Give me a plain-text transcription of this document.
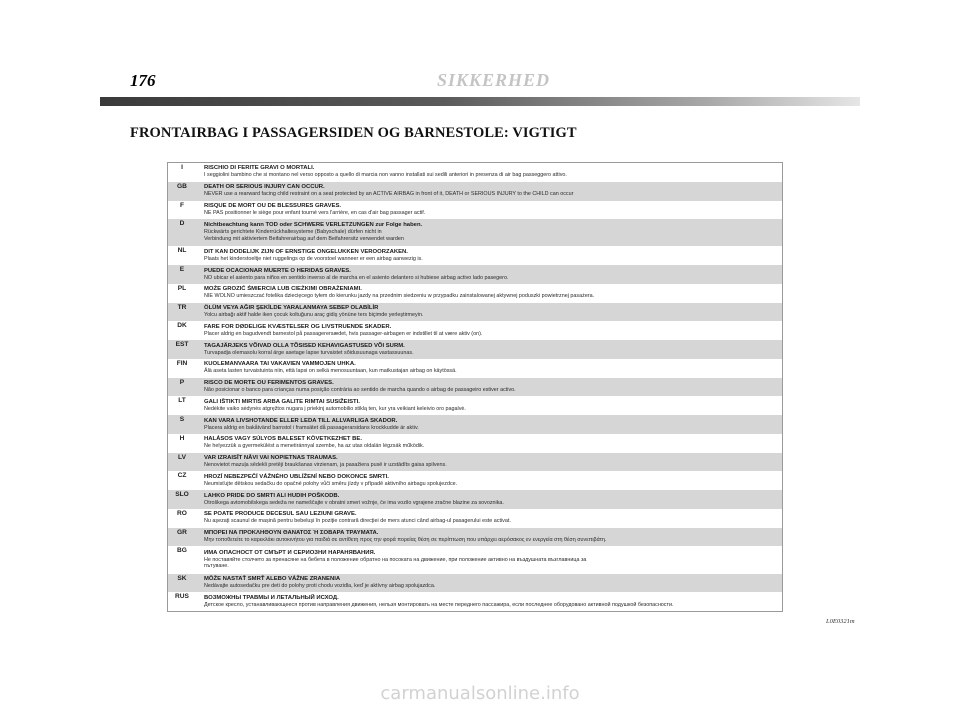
176	SIKKERHED
FRONTAIRBAG I PASSAGERSIDEN OG BARNESTOLE: VIGTIGT
I	RISCHIO DI FERITE GRAVI O MORTALI.
I seggiolini bambino che si montano nel verso opposto a quello di marcia non vanno installati sui sedili anteriori in presenza di air bag passeggero attivo.
GB	DEATH OR SERIOUS INJURY CAN OCCUR.
NEVER use a rearward facing child restraint on a seat protected by an ACTIVE AIRBAG in front of it, DEATH or SERIOUS INJURY to the CHILD can occur
F	RISQUE DE MORT OU DE BLESSURES GRAVES.
NE PAS positionner le siège pour enfant tourné vers l'arrière, en cas d'air bag passager actif.
D	Nichtbeachtung kann TOD oder SCHWERE VERLETZUNGEN zur Folge haben.
Rückwärts gerichtete Kinderrückhaltesysteme (Babyschale) dürfen nicht in
Verbindung mit aktiviertem Beifahrerairbag auf dem Beifahrersitz verwendet warden
NL	DIT KAN DODELIJK ZIJN OF ERNSTIGE ONGELUKKEN VEROORZAKEN.
Plaats het kinderstoeltje niet ruggelings op de voorstoel wanneer er een airbag aanwezig is.
E	PUEDE OCACIONAR MUERTE O HERIDAS GRAVES.
NO ubicar el asiento para niños en sentido inverso al de marcha en el asiento delantero si hubiese airbag activo lado pasegero.
PL	MOŻE GROZIĆ ŚMIERCIA LUB CIEŻKIMI OBRAŻENIAMI.
NIE WOLNO umieszczać fotelika dziecięcego tyłem do kierunku jazdy na przednim siedzeniu w przypadku zainstalowanej aktywnej poduszki powietrznej pasażera.
TR	ÖLÜM VEYA AĞIR ŞEKİLDE YARALANMAYA SEBEP OLABİLİR
Yolcu airbağı aktif halde iken çocuk koltuğunu araç gidiş yönüne ters biçimde yerleştirmeyin.
DK	FARE FOR DØDELIGE KVÆSTELSER OG LIVSTRUENDE SKADER.
Placer aldrig en bagudvendt barnestol på passagerersædet, hvis passager-airbagen er indstillet til at være aktiv (on).
EST	TAGAJÄRJEKS VÕIVAD OLLA TÕSISED KEHAVIGASTUSED VÕI SURM.
Turvapadja olemasolu korral ärge asetage lapse turvaistet sõidusuunaga vastassuunas.
FIN	KUOLEMANVAARA TAI VAKAVIEN VAMMOJEN UHKA.
Älä aseta lasten turvaistuinta niin, että lapsi on selkä menosuuntaan, kun matkustajan airbag on käytössä.
P	RISCO DE MORTE OU FERIMENTOS GRAVES.
Não posicionar o banco para crianças numa posição contrária ao sentido de marcha quando o airbag de passageiro estiver activo.
LT	GALI IŠTIKTI MIRTIS ARBA GALITE RIMTAI SUSIŽEISTI.
Nedėkite vaiko sėdynės atgręžtos nugara į priekinį automobilio stiklą ten, kur yra veikiant keleivio oro pagalvė.
S	KAN VARA LIVSHOTANDE ELLER LEDA TILL ALLVARLIGA SKADOR.
Placera aldrig en bakåtvänd barnstol i framsätet då passagerarsidans krockkudde är aktiv.
H	HALÁSOS VAGY SÚLYOS BALESET KÖVETKEZHET BE.
Ne helyezzük a gyermekülést a menetiránnyal szembe, ha az utas oldalán légzsák működik.
LV	VAR IZRAISĪT NĀVI VAI NOPIETNAS TRAUMAS.
Nenovietot mazuļa sēdekli pretēji braukšanas virzienam, ja pasažiera pusē ir uzstādīts gaisa spilvens.
CZ	HROZÍ NEBEZPEČÍ VÁŽNÉHO UBLÍŽENÍ NEBO DOKONCE SMRTI.
Neumisťujte dětskou sedačku do opačné polohy vůči směru jízdy v případě aktivního airbagu spolujezdce.
SLO	LAHKO PRIDE DO SMRTI ALI HUDIH POŠKODB.
Otroškega avtomobilskega sedeža ne nameščajte v obratni smeri vožnje, če ima vozilo vgrajene zračne blazine za sovoznika.
RO	SE POATE PRODUCE DECESUL SAU LEZIUNI GRAVE.
Nu aşezaţi scaunul de mașină pentru bebeluşi în poziţie contrară direcţiei de mers atunci când airbag-ul pasagerului este activat.
GR	ΜΠΟΡΕΙ ΝΑ ΠΡΟΚΛΗΘΟΥΝ ΘΑΝΑΤΟΣ Ή ΣΟΒΑΡΑ ΤΡΑΥΜΑΤΑ.
Μην τοποθετείτε το καρεκλάκι αυτοκινήτου για παιδιά σε αντίθετη προς την φορά πορείας θέση σε περίπτωση που υπάρχει αερόσακος εν ενεργεία στη θέση συνεπιβάτη.
BG	ИМА ОПАСНОСТ ОТ СМЪРТ И СЕРИОЗНИ НАРАНЯВАНИЯ.
Не поставяйте столчето за пренасяне на бебета в положение обратно на посоката на движение, при положение активно на въздушната възглавница за
пътуване.
SK	MÔŽE NASTAŤ SMRŤ ALEBO VÁŽNE ZRANENIA
Nedávajte autosedačku pre deti do polohy proti chodu vozidla, keď je aktívny airbag spolujazdca.
RUS	ВОЗМОЖНЫ ТРАВМЫ И ЛЕТАЛЬНЫЙ ИСХОД.
Детское кресло, устанавливающееся против направления движения, нельзя монтировать на месте переднего пассажира, если последнее оборудовано активной подушкой безопасности.
L0E0321m
carmanualsonline.info
